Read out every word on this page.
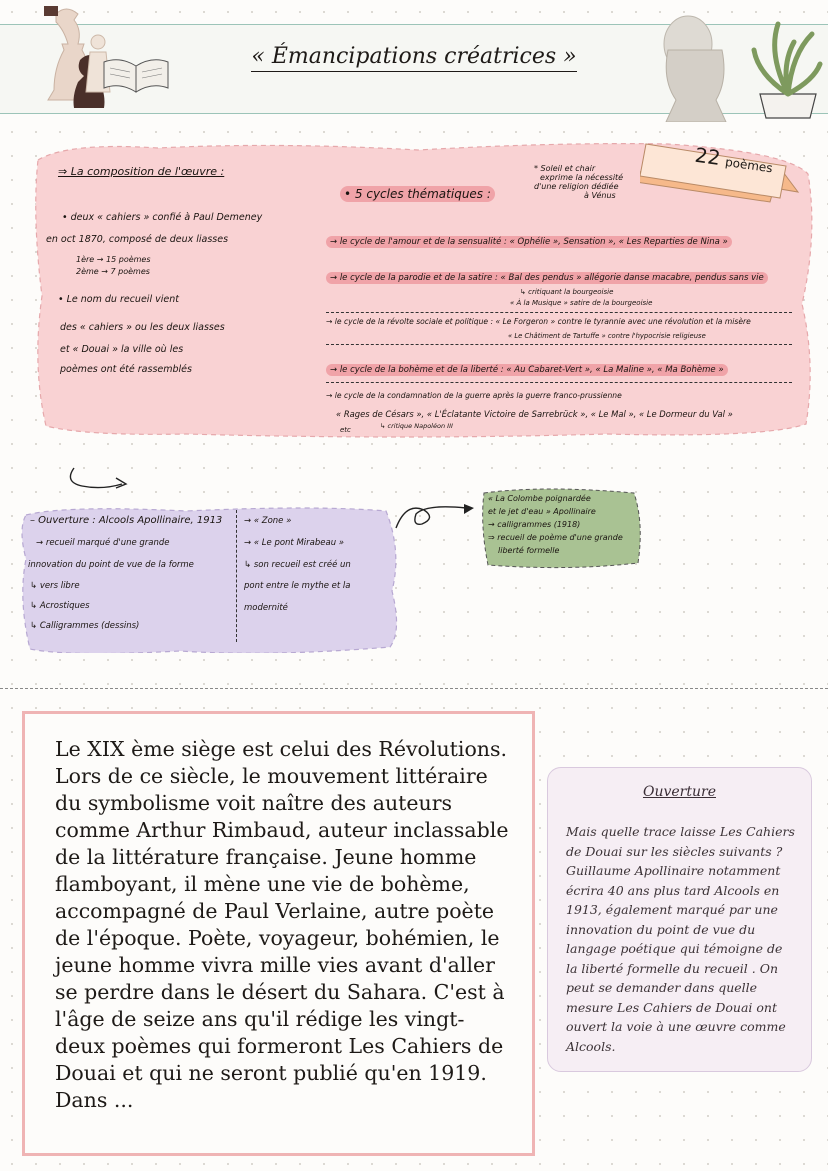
« Émancipations créatrices »
22 poèmes
⇒ La composition de l'œuvre :
• deux « cahiers » confié à Paul Demeney
en oct 1870, composé de deux liasses
1ère → 15 poèmes
2ème → 7 poèmes
• Le nom du recueil vient
des « cahiers » ou les deux liasses
et « Douai » la ville où les
poèmes ont été rassemblés
• 5 cycles thématiques :
* Soleil et chair
exprime la nécessité
d'une religion dédiée
à Vénus
→ le cycle de l'amour et de la sensualité : « Ophélie », Sensation », « Les Reparties de Nina »
→ le cycle de la parodie et de la satire : « Bal des pendus » allégorie danse macabre, pendus sans vie
↳ critiquant la bourgeoisie
« À la Musique » satire de la bourgeoisie
→ le cycle de la révolte sociale et politique : « Le Forgeron » contre le tyrannie avec une révolution et la misère
« Le Châtiment de Tartuffe » contre l'hypocrisie religieuse
→ le cycle de la bohème et de la liberté : « Au Cabaret-Vert », « La Maline », « Ma Bohème »
→ le cycle de la condamnation de la guerre après la guerre franco-prussienne
« Rages de Césars », « L'Éclatante Victoire de Sarrebrück », « Le Mal », « Le Dormeur du Val »
etc	↳ critique Napoléon III
– Ouverture : Alcools Apollinaire, 1913
→ recueil marqué d'une grande
innovation du point de vue de la forme
↳ vers libre
↳ Acrostiques
↳ Calligrammes (dessins)
→ « Zone »
→ « Le pont Mirabeau »
↳ son recueil est créé un
pont entre le mythe et la
modernité
« La Colombe poignardée
et le jet d'eau » Apollinaire
→ calligrammes (1918)
⇒ recueil de poème d'une grande
liberté formelle
Le XIX ème siège est celui des Révolutions.
Lors de ce siècle, le mouvement littéraire
du symbolisme voit naître des auteurs
comme Arthur Rimbaud, auteur inclassable
de la littérature française. Jeune homme
flamboyant, il mène une vie de bohème,
accompagné de Paul Verlaine, autre poète
de l'époque. Poète, voyageur, bohémien, le
jeune homme vivra mille vies avant d'aller
se perdre dans le désert du Sahara. C'est à
l'âge de seize ans qu'il rédige les vingt-
deux poèmes qui formeront Les Cahiers de
Douai et qui ne seront publié qu'en 1919.
Dans ...
Ouverture
Mais quelle trace laisse Les Cahiers
de Douai sur les siècles suivants ?
Guillaume Apollinaire notamment
écrira 40 ans plus tard Alcools en
1913, également marqué par une
innovation du point de vue du
langage poétique qui témoigne de
la liberté formelle du recueil . On
peut se demander dans quelle
mesure Les Cahiers de Douai ont
ouvert la voie à une œuvre comme
Alcools.
